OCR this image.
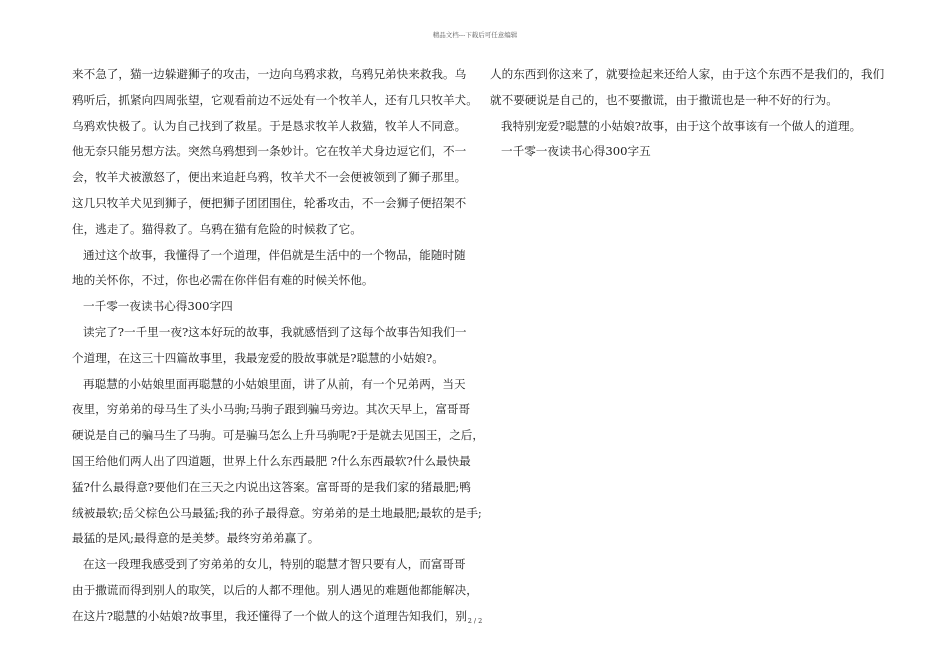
精品文档---下载后可任意编辑
来不急了，猫一边躲避狮子的攻击，一边向乌鸦求救，乌鸦兄弟快来救我。乌
鸦听后，抓紧向四周张望，它观看前边不远处有一个牧羊人，还有几只牧羊犬。
乌鸦欢快极了。认为自己找到了救星。于是恳求牧羊人救猫，牧羊人不同意。
他无奈只能另想方法。突然乌鸦想到一条妙计。它在牧羊犬身边逗它们，不一
会，牧羊犬被激怒了，便出来追赶乌鸦，牧羊犬不一会便被领到了狮子那里。
这几只牧羊犬见到狮子，便把狮子团团围住，轮番攻击，不一会狮子便招架不
住，逃走了。猫得救了。乌鸦在猫有危险的时候救了它。
通过这个故事，我懂得了一个道理，伴侣就是生活中的一个物品，能随时随
地的关怀你，不过，你也必需在你伴侣有难的时候关怀他。
一千零一夜读书心得300字四
读完了?一千里一夜?这本好玩的故事，我就感悟到了这每个故事告知我们一
个道理，在这三十四篇故事里，我最宠爱的股故事就是?聪慧的小姑娘?。
再聪慧的小姑娘里面再聪慧的小姑娘里面，讲了从前，有一个兄弟两，当天
夜里，穷弟弟的母马生了头小马驹;马驹子跟到骗马旁边。其次天早上，富哥哥
硬说是自己的骗马生了马驹。可是骗马怎么上升马驹呢?于是就去见国王，之后，
国王给他们两人出了四道题，世界上什么东西最肥 ?什么东西最软?什么最快最
猛?什么最得意?要他们在三天之内说出这答案。富哥哥的是我们家的猪最肥;鸭
绒被最软;岳父棕色公马最猛;我的孙子最得意。穷弟弟的是土地最肥;最软的是手;
最猛的是风;最得意的是美梦。最终穷弟弟赢了。
在这一段理我感受到了穷弟弟的女儿，特别的聪慧才智只要有人，而富哥哥
由于撒谎而得到别人的取笑，以后的人都不理他。别人遇见的难题他都能解决，
在这片?聪慧的小姑娘?故事里，我还懂得了一个做人的这个道理告知我们，别
人的东西到你这来了，就要捡起来还给人家，由于这个东西不是我们的，我们
就不要硬说是自己的，也不要撒谎，由于撒谎也是一种不好的行为。
我特别宠爱?聪慧的小姑娘?故事，由于这个故事该有一个做人的道理。
一千零一夜读书心得300字五
2 / 2
